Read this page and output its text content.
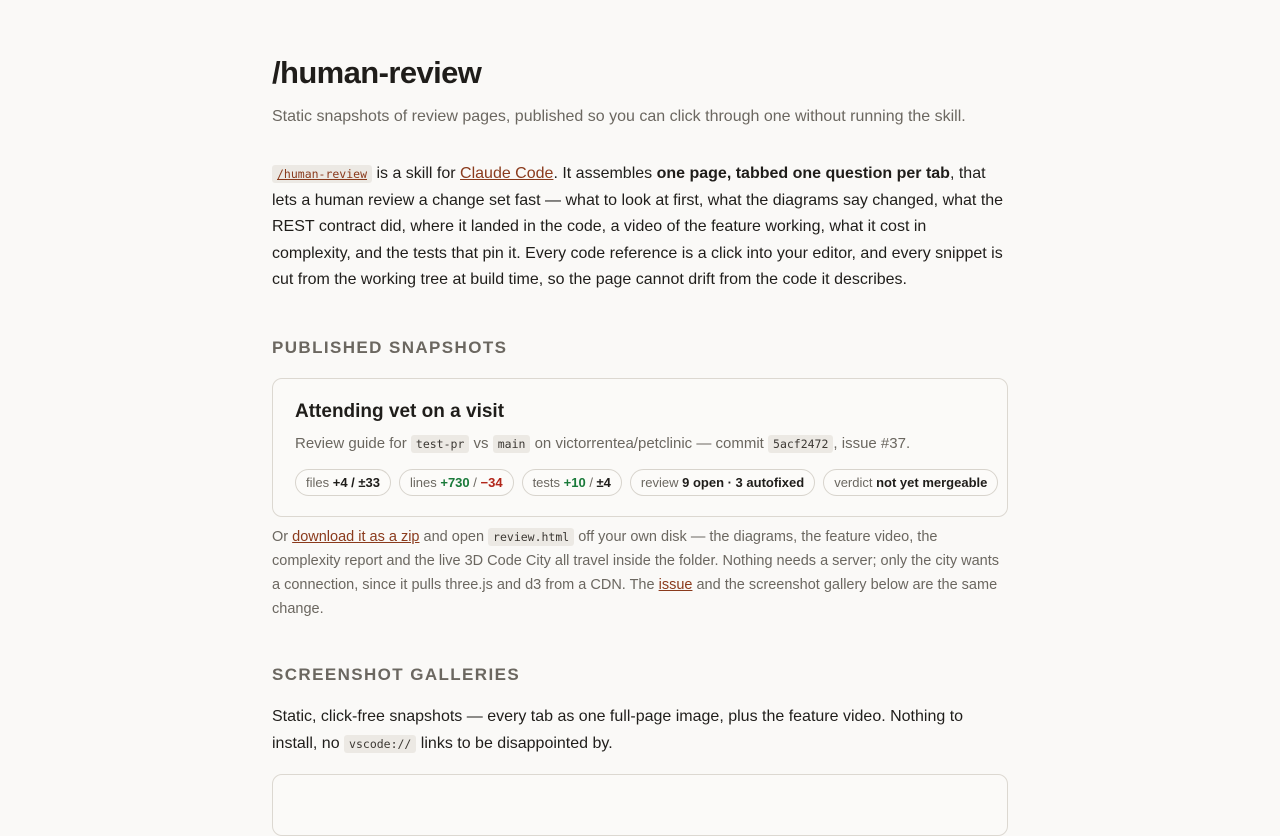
/human-review

Static snapshots of review pages, published so you can click through one without running the skill.

/human-review is a skill for Claude Code. It assembles one page, tabbed one question per tab, that lets a human review a change set fast — what to look at first, what the diagrams say changed, what the REST contract did, where it landed in the code, a video of the feature working, what it cost in complexity, and the tests that pin it. Every code reference is a click into your editor, and every snippet is cut from the working tree at build time, so the page cannot drift from the code it describes.

PUBLISHED SNAPSHOTS
Attending vet on a visit

Review guide for test-pr vs main on victorrentea/petclinic — commit 5acf2472 , issue #37.

files +4 / ±33	lines +730 / −34	tests +10 / ±4	review 9 open · 3 autofixed	verdict not yet mergeable

Or download it as a zip and open review.html off your own disk — the diagrams, the feature video, the complexity report and the live 3D Code City all travel inside the folder. Nothing needs a server; only the city wants a connection, since it pulls three.js and d3 from a CDN. The issue and the screenshot gallery below are the same change.

SCREENSHOT GALLERIES

Static, click-free snapshots — every tab as one full-page image, plus the feature video. Nothing to install, no vscode:// links to be disappointed by.
